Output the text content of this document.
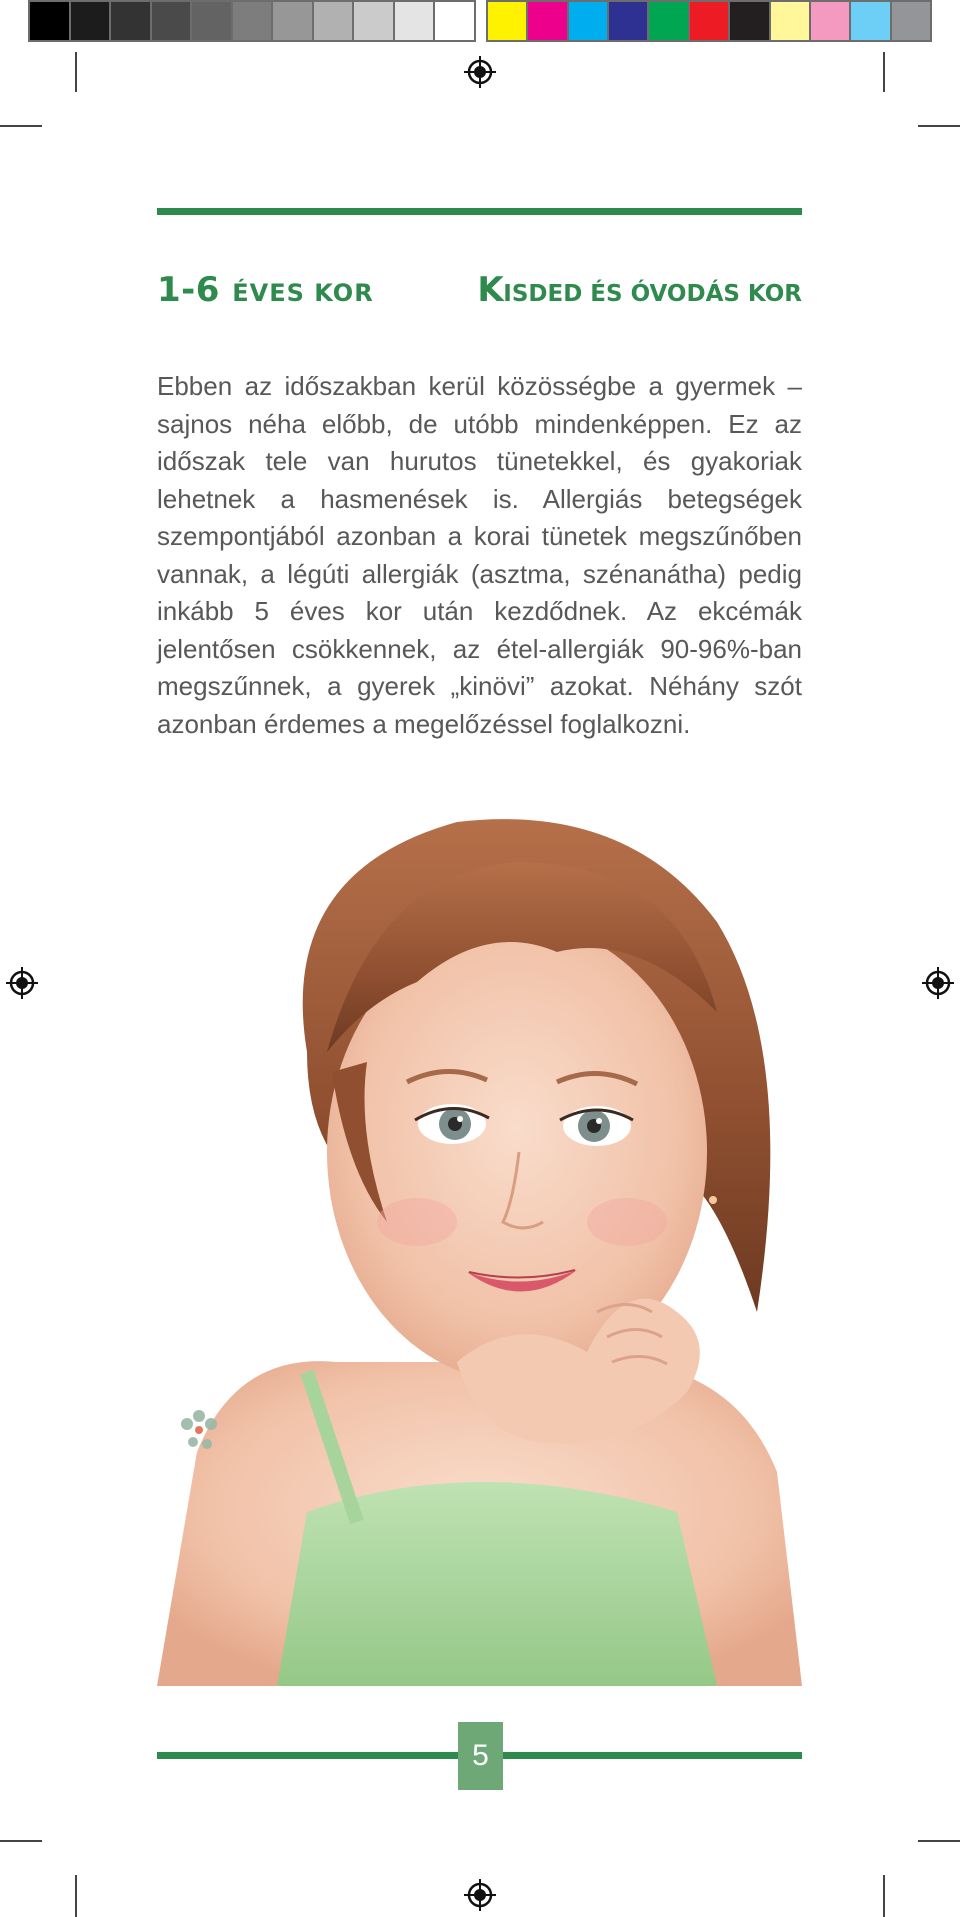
1-6 ÉVES KOR	KISDED ÉS ÓVODÁS KOR
Ebben az időszakban kerül közösségbe a gyermek – sajnos néha előbb, de utóbb mindenképpen. Ez az időszak tele van hurutos tünetekkel, és gyakoriak lehetnek a hasmenések is. Allergiás betegségek szempontjából azonban a korai tünetek megszűnőben vannak, a légúti allergiák (asztma, szénanátha) pedig inkább 5 éves kor után kezdődnek. Az ekcémák jelentősen csökkennek, az étel-allergiák 90-96%-ban megszűnnek, a gyerek „kinövi” azokat. Néhány szót azonban érdemes a megelőzéssel foglalkozni.
5
